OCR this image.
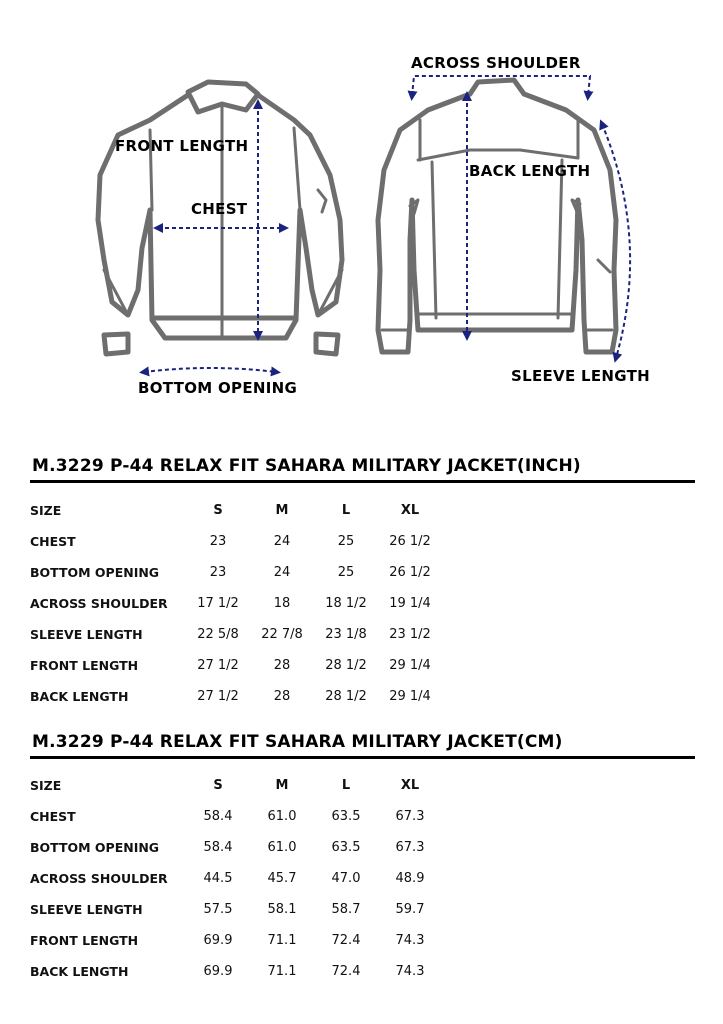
FRONT LENGTH
CHEST
BOTTOM OPENING
ACROSS SHOULDER
BACK LENGTH
SLEEVE LENGTH
M.3229 P-44 RELAX FIT SAHARA MILITARY JACKET(INCH)
SIZE	S	M	L	XL
CHEST	23	24	25	26 1/2
BOTTOM OPENING	23	24	25	26 1/2
ACROSS SHOULDER	17 1/2	18	18 1/2	19 1/4
SLEEVE LENGTH	22 5/8	22 7/8	23 1/8	23 1/2
FRONT LENGTH	27 1/2	28	28 1/2	29 1/4
BACK LENGTH	27 1/2	28	28 1/2	29 1/4
M.3229 P-44 RELAX FIT SAHARA MILITARY JACKET(CM)
SIZE	S	M	L	XL
CHEST	58.4	61.0	63.5	67.3
BOTTOM OPENING	58.4	61.0	63.5	67.3
ACROSS SHOULDER	44.5	45.7	47.0	48.9
SLEEVE LENGTH	57.5	58.1	58.7	59.7
FRONT LENGTH	69.9	71.1	72.4	74.3
BACK LENGTH	69.9	71.1	72.4	74.3
